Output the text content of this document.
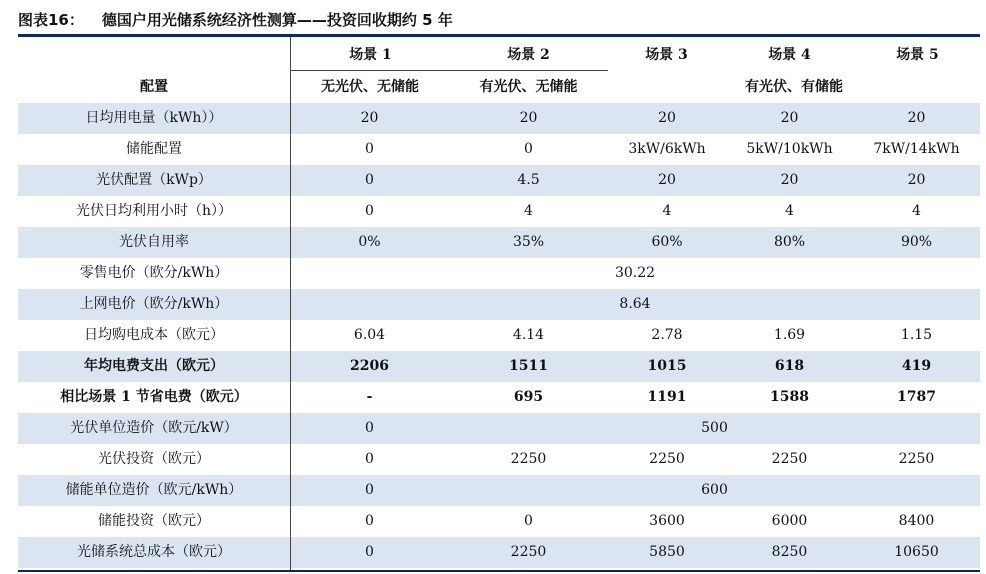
图表16： 德国户用光储系统经济性测算——投资回收期约 5 年
场景 1	场景 2	场景 3	场景 4	场景 5
配置	无光伏、无储能	有光伏、无储能	有光伏、有储能
日均用电量（kWh））	20	20	20	20	20
储能配置	0	0	3kW/6kWh	5kW/10kWh	7kW/14kWh
光伏配置（kWp）	0	4.5	20	20	20
光伏日均利用小时（h））	0	4	4	4	4
光伏自用率	0%	35%	60%	80%	90%
零售电价（欧分/kWh）	30.22				
上网电价（欧分/kWh）	8.64				
日均购电成本（欧元）	6.04	4.14	2.78	1.69	1.15
年均电费支出（欧元）	2206	1511	1015	618	419
相比场景 1 节省电费（欧元）	-	695	1191	1588	1787
光伏单位造价（欧元/kW）	0	500			
光伏投资（欧元）	0	2250	2250	2250	2250
储能单位造价（欧元/kWh）	0	600			
储能投资（欧元）	0	0	3600	6000	8400
光储系统总成本（欧元）	0	2250	5850	8250	10650
